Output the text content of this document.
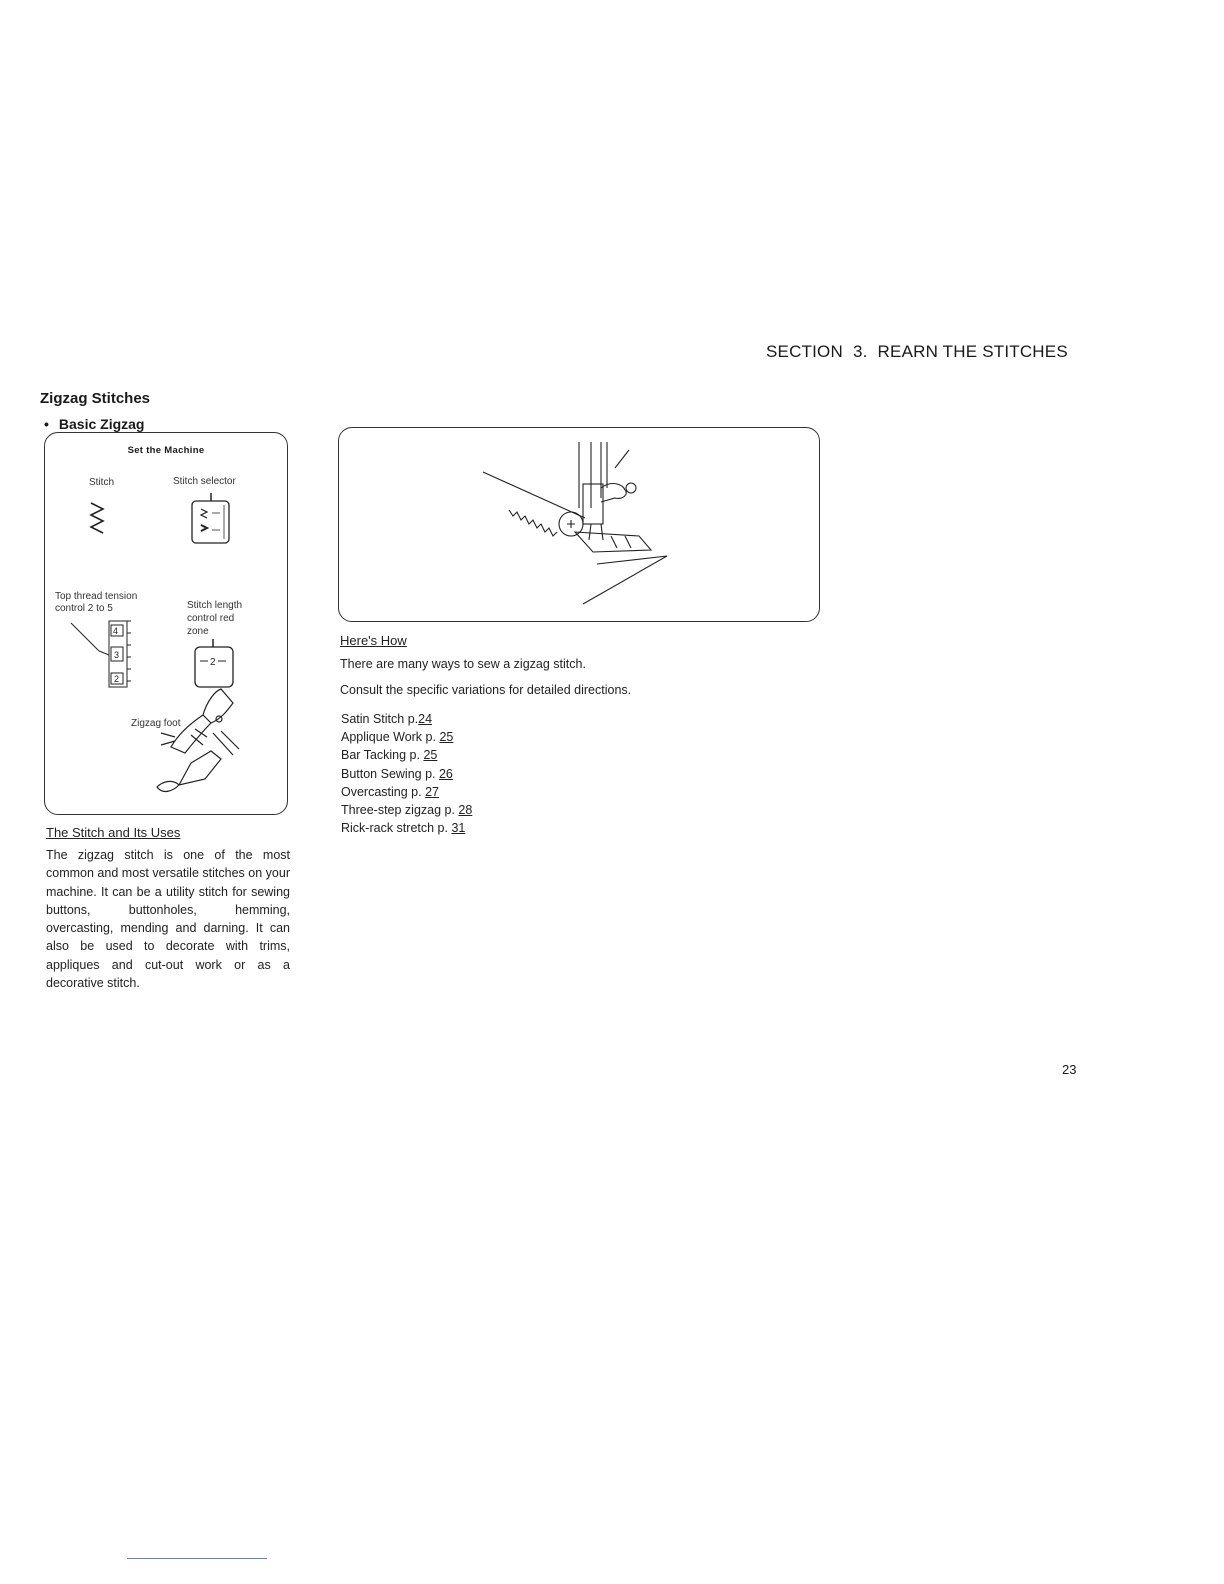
SECTION 3. REARN THE STITCHES
Zigzag Stitches
• Basic Zigzag
Set the Machine
Stitch	Stitch selector
4
3
2
2
Top thread tension
control 2 to 5	Stitch length
control red
zone
Zigzag foot
Here's How
There are many ways to sew a zigzag stitch.
Consult the specific variations for detailed directions.
Satin Stitch p.24
Applique Work p. 25
Bar Tacking p. 25
Button Sewing p. 26
Overcasting p. 27
Three-step zigzag p. 28
Rick-rack stretch p. 31
The Stitch and Its Uses
The zigzag stitch is one of the most common and most versatile stitches on your machine. It can be a utility stitch for sewing buttons, buttonholes, hemming, overcasting, mending and darning. It can also be used to decorate with trims, appliques and cut-out work or as a decorative stitch.
23
